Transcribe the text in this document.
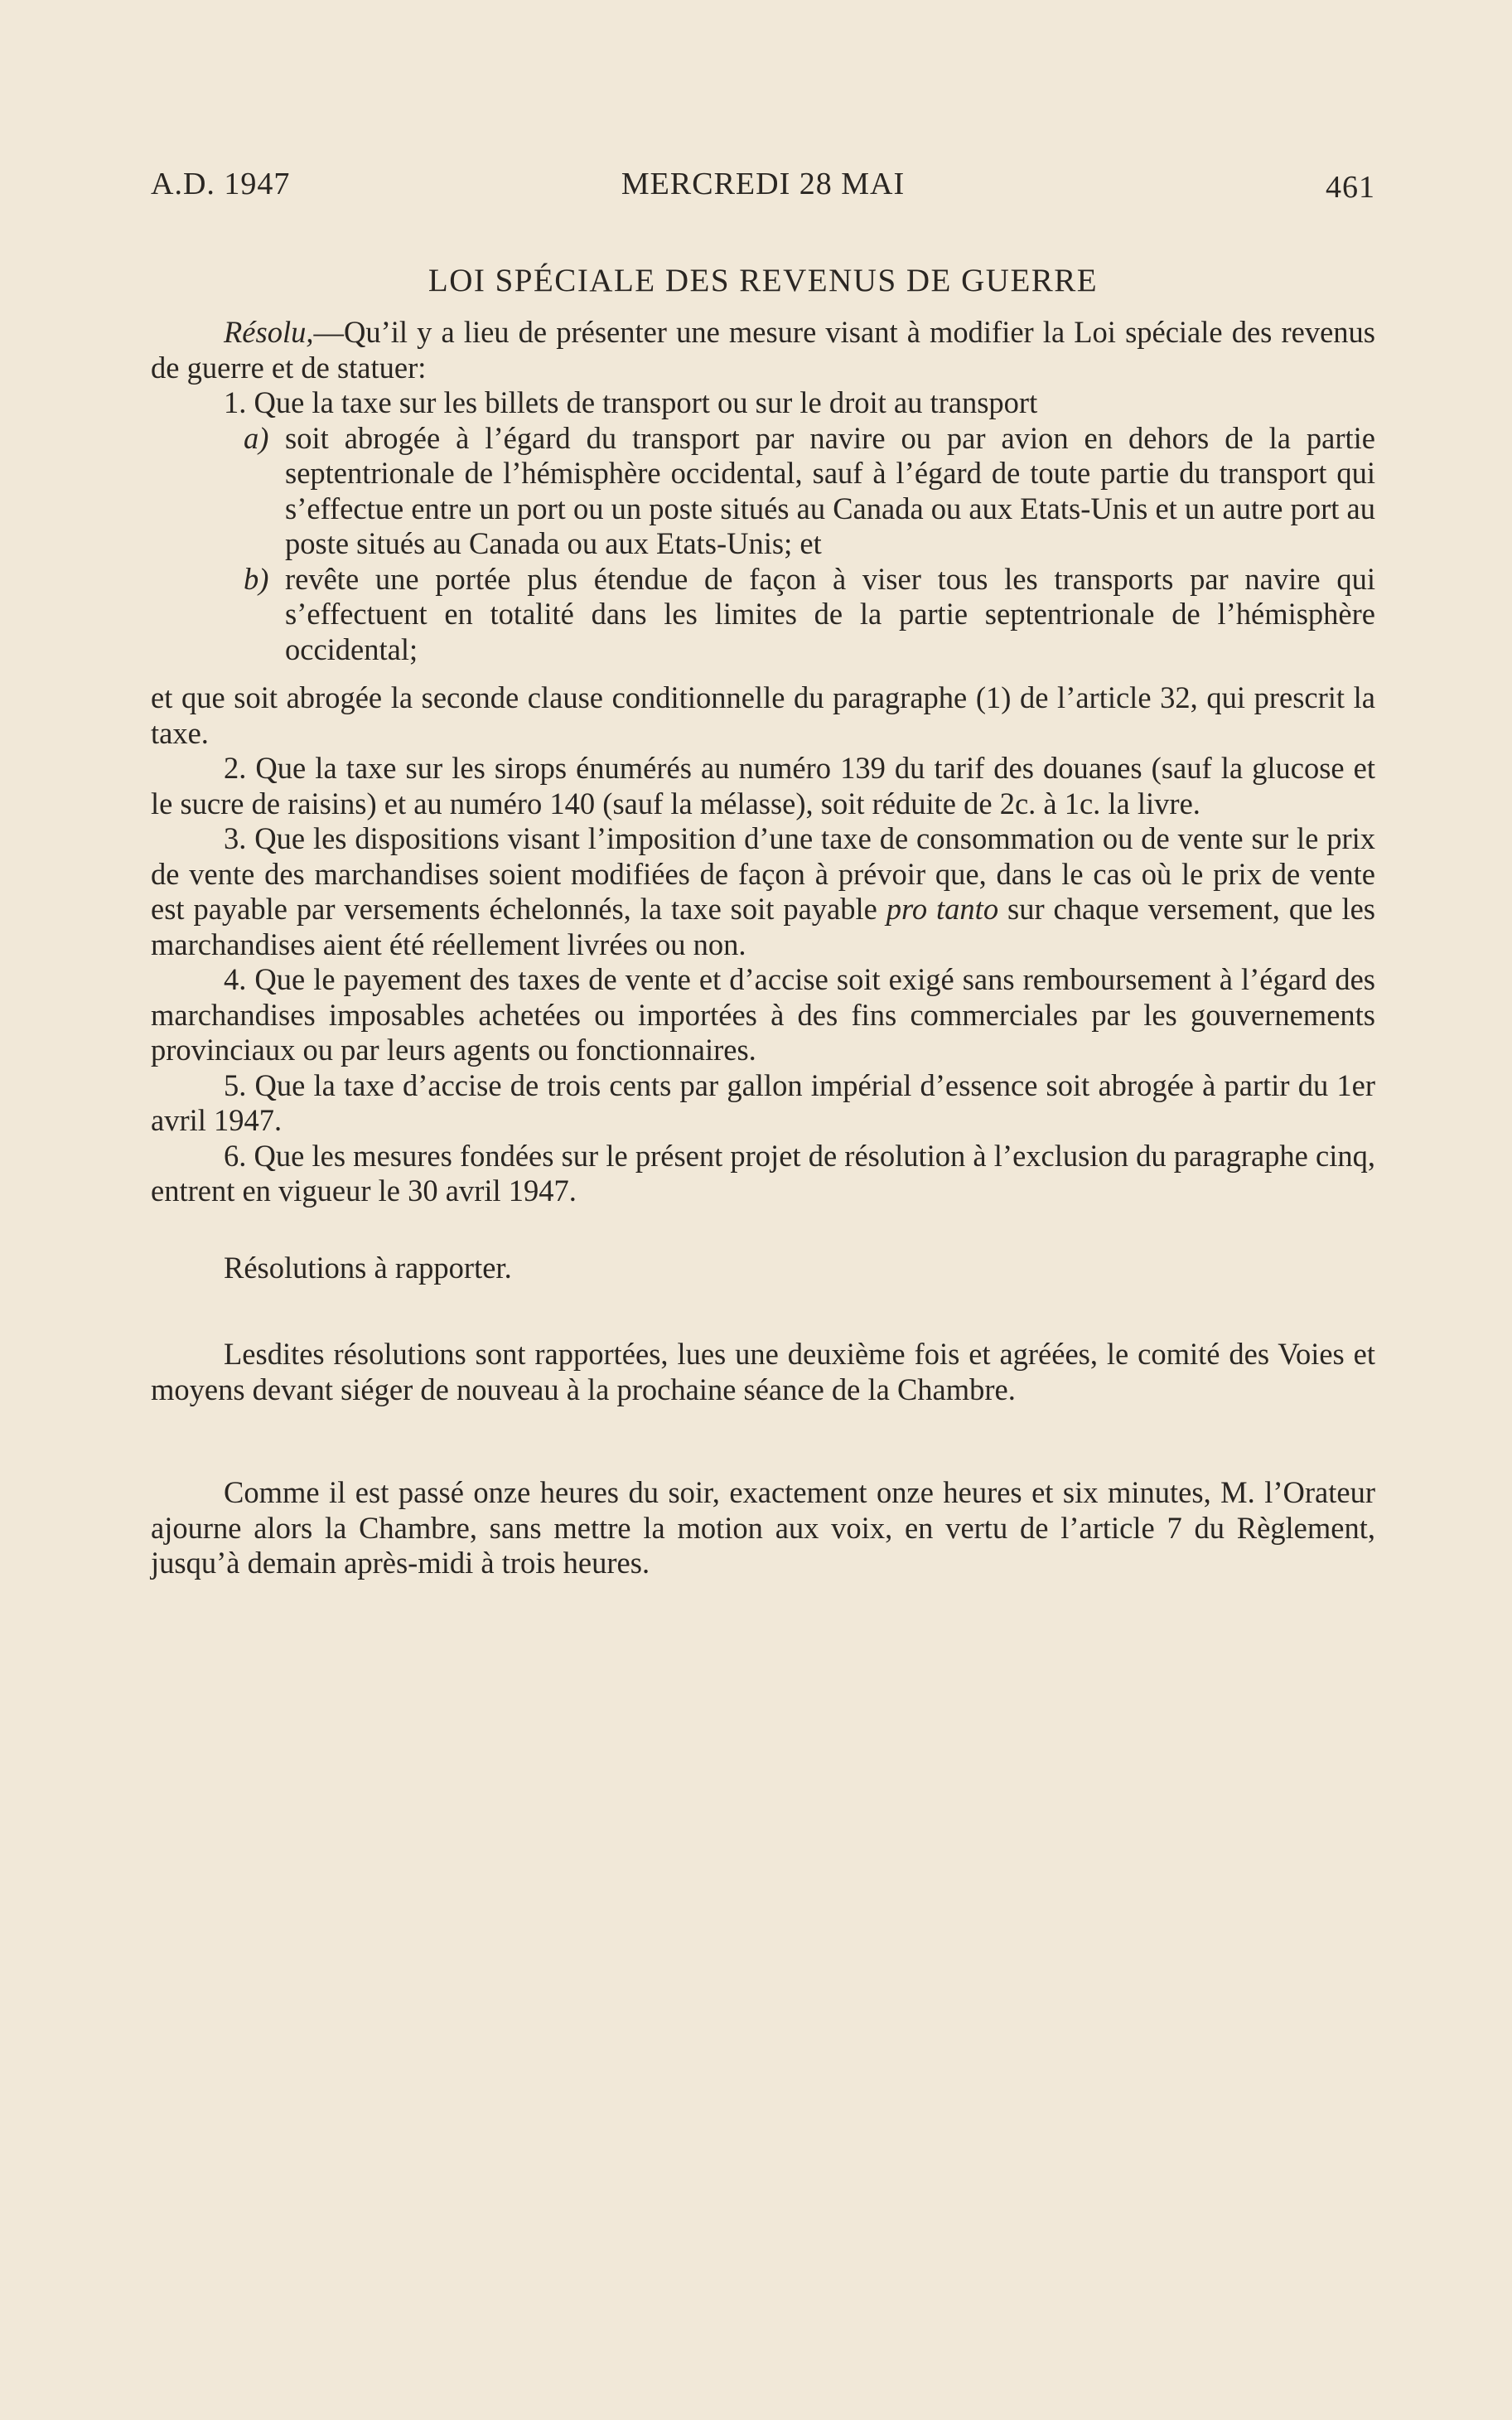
A.D. 1947	MERCREDI 28 MAI	461
LOI SPÉCIALE DES REVENUS DE GUERRE

Résolu,—Qu’il y a lieu de présenter une mesure visant à modifier la Loi spéciale des revenus de guerre et de statuer:

1. Que la taxe sur les billets de transport ou sur le droit au transport

a) soit abrogée à l’égard du transport par navire ou par avion en dehors de la partie septentrionale de l’hémisphère occidental, sauf à l’égard de toute partie du transport qui s’effectue entre un port ou un poste situés au Canada ou aux Etats-Unis et un autre port au poste situés au Canada ou aux Etats-Unis; et

b) revête une portée plus étendue de façon à viser tous les transports par navire qui s’effectuent en totalité dans les limites de la partie septentrionale de l’hémisphère occidental;

et que soit abrogée la seconde clause conditionnelle du paragraphe (1) de l’article 32, qui prescrit la taxe.

2. Que la taxe sur les sirops énumérés au numéro 139 du tarif des douanes (sauf la glucose et le sucre de raisins) et au numéro 140 (sauf la mélasse), soit réduite de 2c. à 1c. la livre.

3. Que les dispositions visant l’imposition d’une taxe de consommation ou de vente sur le prix de vente des marchandises soient modifiées de façon à prévoir que, dans le cas où le prix de vente est payable par versements échelonnés, la taxe soit payable pro tanto sur chaque versement, que les marchandises aient été réellement livrées ou non.

4. Que le payement des taxes de vente et d’accise soit exigé sans remboursement à l’égard des marchandises imposables achetées ou importées à des fins commerciales par les gouvernements provinciaux ou par leurs agents ou fonctionnaires.

5. Que la taxe d’accise de trois cents par gallon impérial d’essence soit abrogée à partir du 1er avril 1947.

6. Que les mesures fondées sur le présent projet de résolution à l’exclusion du paragraphe cinq, entrent en vigueur le 30 avril 1947.

Résolutions à rapporter.

Lesdites résolutions sont rapportées, lues une deuxième fois et agréées, le comité des Voies et moyens devant siéger de nouveau à la prochaine séance de la Chambre.

Comme il est passé onze heures du soir, exactement onze heures et six minutes, M. l’Orateur ajourne alors la Chambre, sans mettre la motion aux voix, en vertu de l’article 7 du Règlement, jusqu’à demain après-midi à trois heures.
